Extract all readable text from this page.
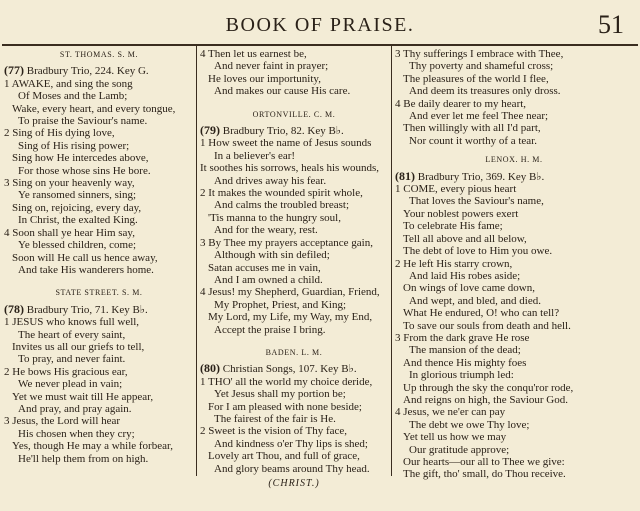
BOOK OF PRAISE.	51
ST. THOMAS. S. M.
(77) Bradbury Trio, 224. Key G.
1 AWAKE, and sing the song
Of Moses and the Lamb;
Wake, every heart, and every tongue,
To praise the Saviour's name.
2 Sing of His dying love,
Sing of His rising power;
Sing how He intercedes above,
For those whose sins He bore.
3 Sing on your heavenly way,
Ye ransomed sinners, sing;
Sing on, rejoicing, every day,
In Christ, the exalted King.
4 Soon shall ye hear Him say,
Ye blessed children, come;
Soon will He call us hence away,
And take His wanderers home.
STATE STREET. S. M.
(78) Bradbury Trio, 71. Key B♭.
1 JESUS who knows full well,
The heart of every saint,
Invites us all our griefs to tell,
To pray, and never faint.
2 He bows His gracious ear,
We never plead in vain;
Yet we must wait till He appear,
And pray, and pray again.
3 Jesus, the Lord will hear
His chosen when they cry;
Yes, though He may a while forbear,
He'll help them from on high.
4 Then let us earnest be,
And never faint in prayer;
He loves our importunity,
And makes our cause His care.
ORTONVILLE. C. M.
(79) Bradbury Trio, 82. Key B♭.
1 How sweet the name of Jesus sounds
In a believer's ear!
It soothes his sorrows, heals his wounds,
And drives away his fear.
2 It makes the wounded spirit whole,
And calms the troubled breast;
'Tis manna to the hungry soul,
And for the weary, rest.
3 By Thee my prayers acceptance gain,
Although with sin defiled;
Satan accuses me in vain,
And I am owned a child.
4 Jesus! my Shepherd, Guardian, Friend,
My Prophet, Priest, and King;
My Lord, my Life, my Way, my End,
Accept the praise I bring.
BADEN. L. M.
(80) Christian Songs, 107. Key B♭.
1 THO' all the world my choice deride,
Yet Jesus shall my portion be;
For I am pleased with none beside;
The fairest of the fair is He.
2 Sweet is the vision of Thy face,
And kindness o'er Thy lips is shed;
Lovely art Thou, and full of grace,
And glory beams around Thy head.
(CHRIST.)
3 Thy sufferings I embrace with Thee,
Thy poverty and shameful cross;
The pleasures of the world I flee,
And deem its treasures only dross.
4 Be daily dearer to my heart,
And ever let me feel Thee near;
Then willingly with all I'd part,
Nor count it worthy of a tear.
LENOX. H. M.
(81) Bradbury Trio, 369. Key B♭.
1 COME, every pious heart
That loves the Saviour's name,
Your noblest powers exert
To celebrate His fame;
Tell all above and all below,
The debt of love to Him you owe.
2 He left His starry crown,
And laid His robes aside;
On wings of love came down,
And wept, and bled, and died.
What He endured, O! who can tell?
To save our souls from death and hell.
3 From the dark grave He rose
The mansion of the dead;
And thence His mighty foes
In glorious triumph led:
Up through the sky the conqu'ror rode,
And reigns on high, the Saviour God.
4 Jesus, we ne'er can pay
The debt we owe Thy love;
Yet tell us how we may
Our gratitude approve;
Our hearts—our all to Thee we give:
The gift, tho' small, do Thou receive.
